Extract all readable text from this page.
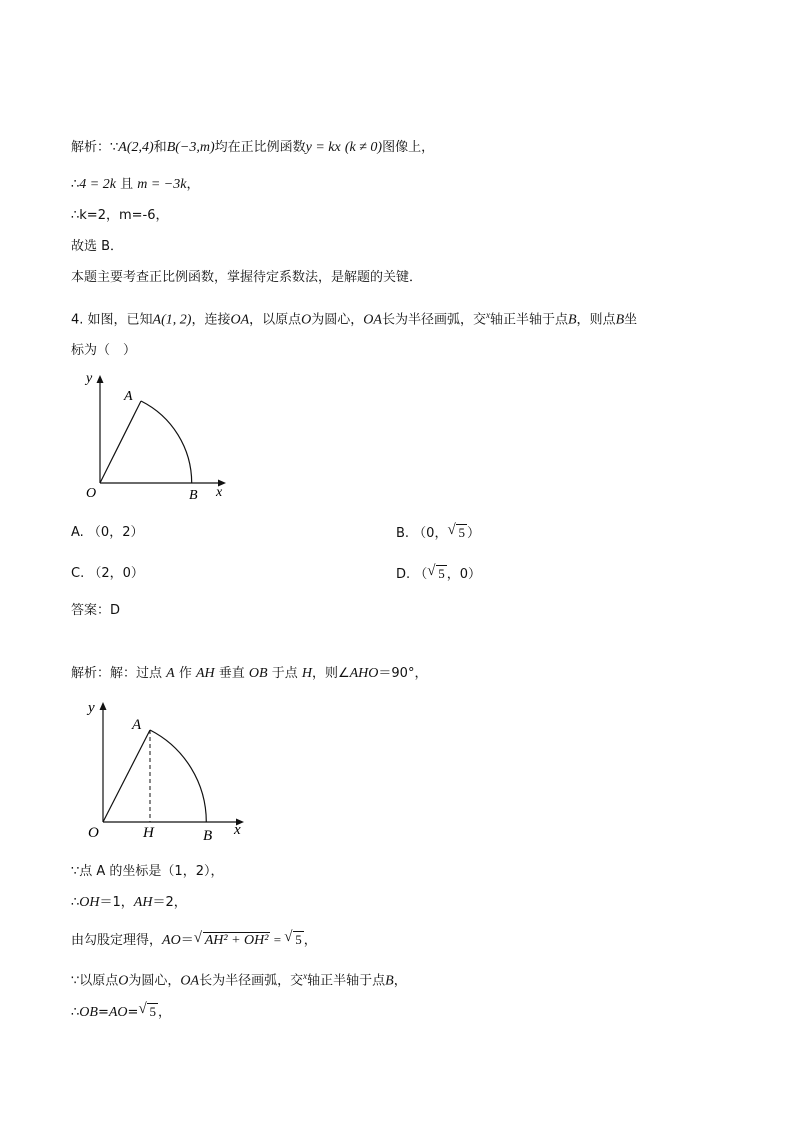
解析：∵A(2,4)和B(−3,m)均在正比例函数y = kx (k ≠ 0)图像上，
∴4 = 2k 且 m = −3k，
∴k=2，m=-6，
故选 B．
本题主要考查正比例函数，掌握待定系数法，是解题的关键．
4. 如图，已知A(1, 2)，连接OA，以原点O为圆心，OA长为半径画弧，交$^x$轴正半轴于点B，则点B坐
标为（　）
y
A
O	B x
A. （0，2）	B. （0， √ 5 ）
C. （2，0）	D. （ √ 5 ，0）
答案：D
解析：解：过点 A 作 AH 垂直 OB 于点 H，则∠AHO＝90°，
y
A
O	H	B x
∵点 A 的坐标是（1，2），
∴OH＝1，AH＝2，
由勾股定理得，AO＝ √ AH² + OH² = √ 5 ，
∵以原点O为圆心，OA长为半径画弧，交$^x$轴正半轴于点B，
∴OB=AO= √ 5 ，
